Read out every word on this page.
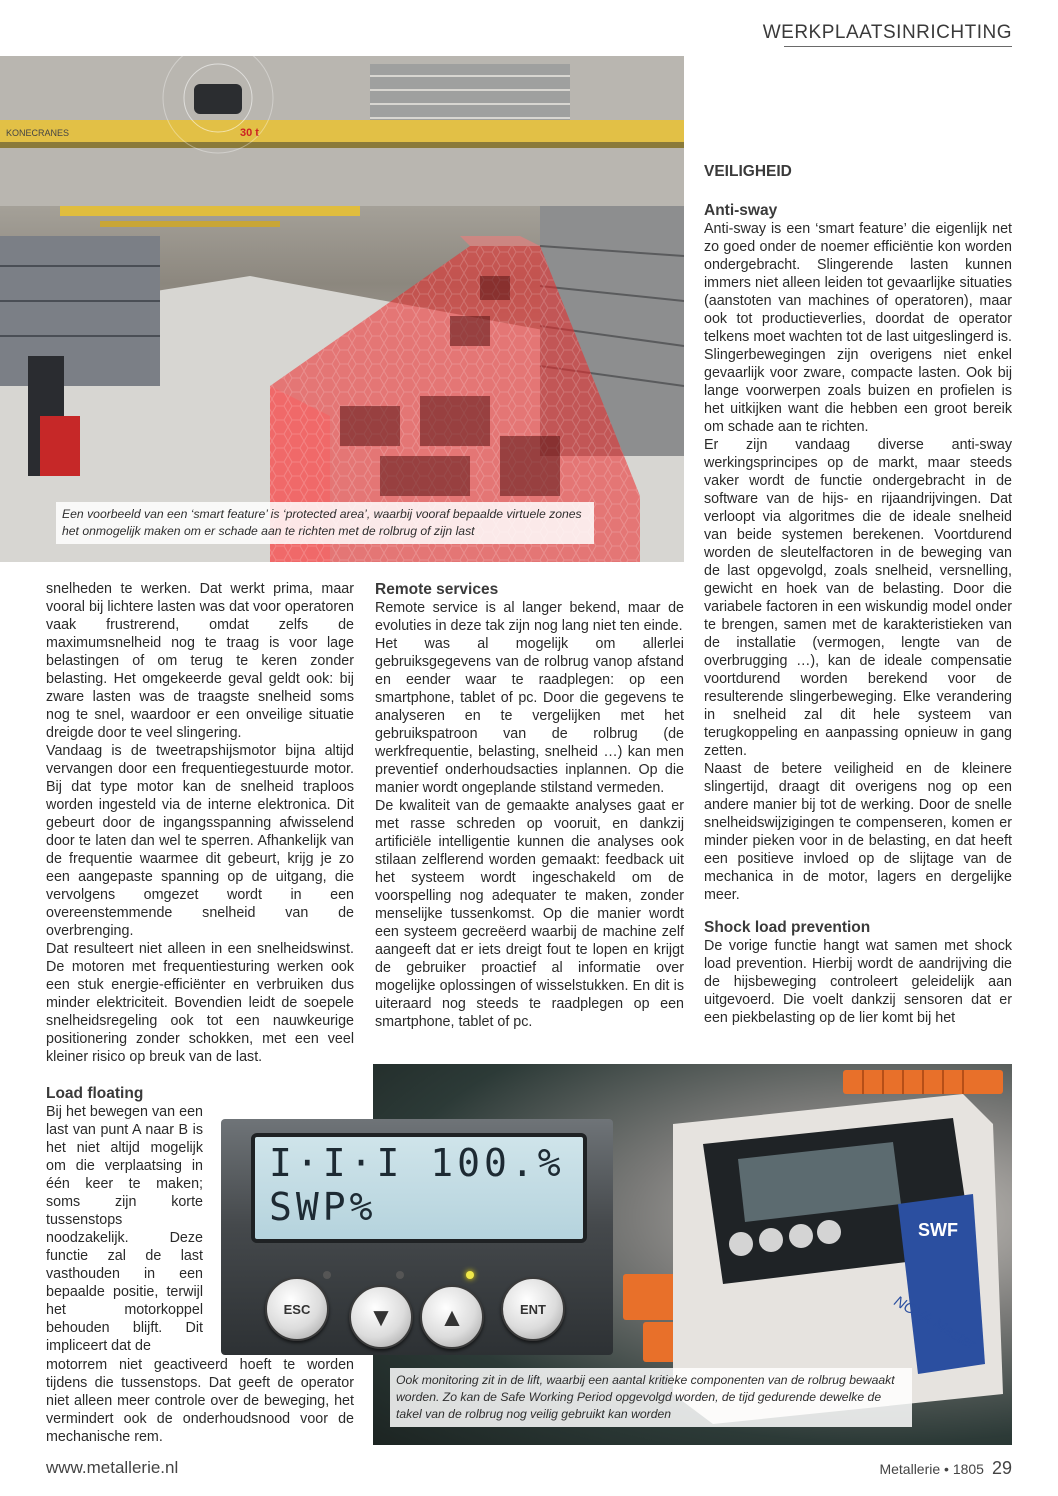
WERKPLAATSINRICHTING
KONECRANES	30 t
Een voorbeeld van een ‘smart feature’ is ‘protected area’, waarbij vooraf bepaalde virtuele zones het onmogelijk maken om er schade aan te richten met de rolbrug of zijn last
VEILIGHEID
Anti-sway

Anti-sway is een ‘smart feature’ die eigenlijk net zo goed onder de noemer efficiëntie kon worden ondergebracht. Slingerende lasten kunnen immers niet alleen leiden tot gevaarlijke situaties (aanstoten van machines of operatoren), maar ook tot productieverlies, doordat de operator telkens moet wachten tot de last uitgeslingerd is. Slingerbewegingen zijn overigens niet enkel gevaarlijk voor zware, compacte lasten. Ook bij lange voorwerpen zoals buizen en profielen is het uitkijken want die hebben een groot bereik om schade aan te richten.

Er zijn vandaag diverse anti-sway werkingsprincipes op de markt, maar steeds vaker wordt de functie ondergebracht in de software van de hijs- en rijaandrijvingen. Dat verloopt via algoritmes die de ideale snelheid van beide systemen berekenen. Voortdurend worden de sleutelfactoren in de beweging van de last opgevolgd, zoals snelheid, versnelling, gewicht en hoek van de belasting. Door die variabele factoren in een wiskundig model onder te brengen, samen met de karakteristieken van de installatie (vermogen, lengte van de overbrugging …), kan de ideale compensatie voortdurend worden berekend voor de resulterende slingerbeweging. Elke verandering in snelheid zal dit hele systeem van terugkoppeling en aanpassing opnieuw in gang zetten.

Naast de betere veiligheid en de kleinere slingertijd, draagt dit overigens nog op een andere manier bij tot de werking. Door de snelle snelheidswijzigingen te compenseren, komen er minder pieken voor in de belasting, en dat heeft een positieve invloed op de slijtage van de mechanica in de motor, lagers en dergelijke meer.

Shock load prevention

De vorige functie hangt wat samen met shock load prevention. Hierbij wordt de aandrijving die de hijsbeweging controleert geleidelijk aan uitgevoerd. Die voelt dankzij sensoren dat er een piekbelasting op de lier komt bij het

snelheden te werken. Dat werkt prima, maar vooral bij lichtere lasten was dat voor operatoren vaak frustrerend, omdat zelfs de maximumsnelheid nog te traag is voor lage belastingen of om terug te keren zonder belasting. Het omgekeerde geval geldt ook: bij zware lasten was de traagste snelheid soms nog te snel, waardoor er een onveilige situatie dreigde door te veel slingering.

Vandaag is de tweetrapshijsmotor bijna altijd vervangen door een frequentiegestuurde motor. Bij dat type motor kan de snelheid traploos worden ingesteld via de interne elektronica. Dit gebeurt door de ingangsspanning afwisselend door te laten dan wel te sperren. Afhankelijk van de frequentie waarmee dit gebeurt, krijg je zo een aangepaste spanning op de uitgang, die vervolgens omgezet wordt in een overeenstemmende snelheid van de overbrenging.

Dat resulteert niet alleen in een snelheidswinst. De motoren met frequentiesturing werken ook een stuk energie-efficiënter en verbruiken dus minder elektriciteit. Bovendien leidt de soepele snelheidsregeling ook tot een nauwkeurige positionering zonder schokken, met een veel kleiner risico op breuk van de last.

Remote services

Remote service is al langer bekend, maar de evoluties in deze tak zijn nog lang niet ten einde.

Het was al mogelijk om allerlei gebruiksgegevens van de rolbrug vanop afstand en eender waar te raadplegen: op een smartphone, tablet of pc. Door die gegevens te analyseren en te vergelijken met het gebruikspatroon van de rolbrug (de werkfrequentie, belasting, snelheid …) kan men preventief onderhoudsacties inplannen. Op die manier wordt ongeplande stilstand vermeden.

De kwaliteit van de gemaakte analyses gaat er met rasse schreden op vooruit, en dankzij artificiële intelligentie kunnen die analyses ook stilaan zelflerend worden gemaakt: feedback uit het systeem wordt ingeschakeld om de voorspelling nog adequater te maken, zonder menselijke tussenkomst. Op die manier wordt een systeem gecreëerd waarbij de machine zelf aangeeft dat er iets dreigt fout te lopen en krijgt de gebruiker proactief al informatie over mogelijke oplossingen of wisselstukken. En dit is uiteraard nog steeds te raadplegen op een smartphone, tablet of pc.

SWF
NOVA Master
I·I·I 100.%
SWP%
ESC	▼	▲	ENT
Ook monitoring zit in de lift, waarbij een aantal kritieke componenten van de rolbrug bewaakt worden. Zo kan de Safe Working Period opgevolgd worden, de tijd gedurende dewelke de takel van de rolbrug nog veilig gebruikt kan worden
Load floating

Bij het bewegen van een last van punt A naar B is het niet altijd mogelijk om die verplaatsing in één keer te maken; soms zijn korte tussenstops noodzakelijk. Deze functie zal de last vasthouden in een bepaalde positie, terwijl het motorkoppel behouden blijft. Dit impliceert dat de

motorrem niet geactiveerd hoeft te worden tijdens die tussenstops. Dat geeft de operator niet alleen meer controle over de beweging, het vermindert ook de onderhoudsnood voor de mechanische rem.

www.metallerie.nl	Metallerie • 1805 29
